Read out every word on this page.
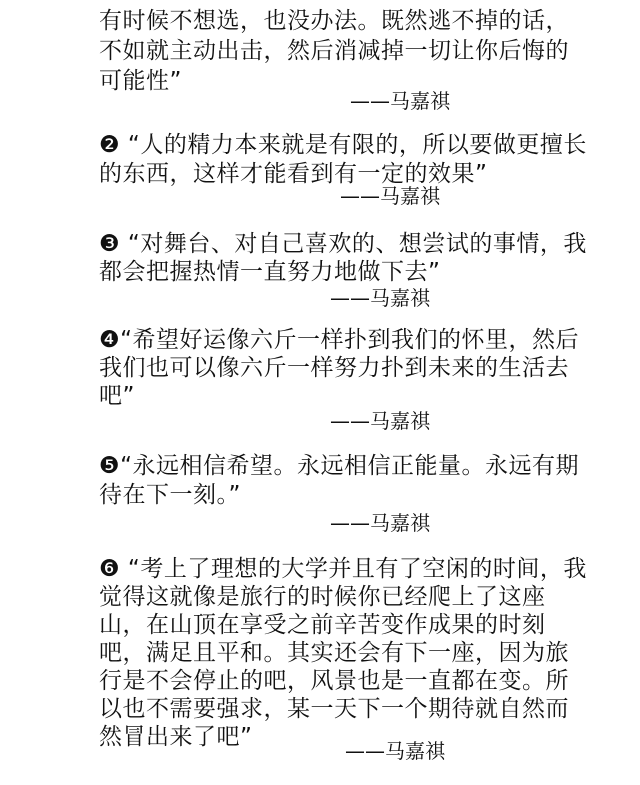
有时候不想选，也没办法。既然逃不掉的话，
不如就主动出击，然后消减掉一切让你后悔的
可能性”
——马嘉祺
❷ “人的精力本来就是有限的，所以要做更擅长
的东西，这样才能看到有一定的效果”
——马嘉祺
❸ “对舞台、对自己喜欢的、想尝试的事情，我
都会把握热情一直努力地做下去”
——马嘉祺
❹“希望好运像六斤一样扑到我们的怀里，然后
我们也可以像六斤一样努力扑到未来的生活去
吧”
——马嘉祺
❺“永远相信希望。永远相信正能量。永远有期
待在下一刻。”
——马嘉祺
❻ “考上了理想的大学并且有了空闲的时间，我
觉得这就像是旅行的时候你已经爬上了这座
山，在山顶在享受之前辛苦变作成果的时刻
吧，满足且平和。其实还会有下一座，因为旅
行是不会停止的吧，风景也是一直都在变。所
以也不需要强求，某一天下一个期待就自然而
然冒出来了吧”
——马嘉祺
